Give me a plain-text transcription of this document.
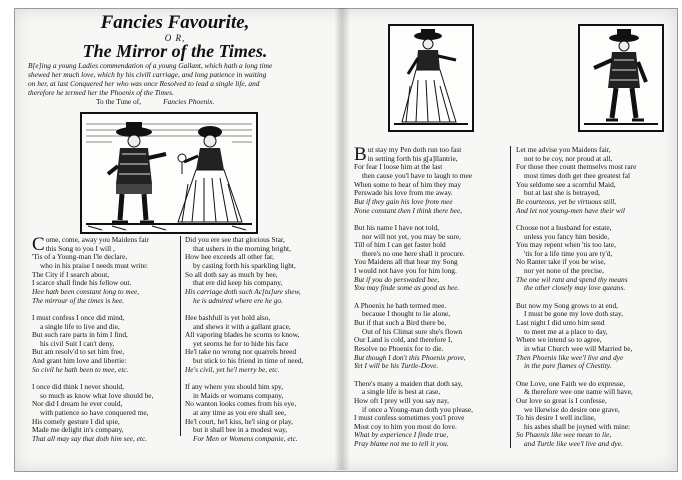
Fancies Favourite,
O R,
The Mirror of the Times.
B[e]ing a young Ladies commendation of a young Gallant, which hath a long time
shewed her much love, which by his civill carriage, and long patience in waiting
on her, at last Conquered her who was once Resolved to lead a single life, and
therefore he termed her the Phoenix of the Times.
To the Tune of,	Fancies Phoenix.
C ome, come, away you Maidens fair
this Song to you I will ,
'Tis of a Young-man I'le declare,
who in his praise I needs must write:
The City if I search about,
I scarce shall finde his fellow out.
Hee hath been constant long to mee,
The mirrour of the times is hee.
I must confess I once did mind,
a single life to live and die,
But such rare parts in him I find,
his civil Suit I can't deny,
But am resolv'd to set him free,
And grant him love and libertie:
So civil he hath been to mee, etc.
I once did think I never should,
so much as know what love should be,
Nor did I dream he ever could,
with patience so have conquered me,
His comely gesture I did spie,
Made me delight in's company,
That all may say that doth him see, etc.
Did you ere see that glorious Star,
that ushers in the morning bright,
How hee exceeds all other far,
by casting forth his sparkling light,
So all doth say as much by hee,
that ere did keep his company,
His carriage doth such Ac[tu]ure shew,
he is admired where ere he go.
Hee bashfull is yet hold also,
and shews it with a gallant grace,
All vaporing blades he scorns to know,
yet seorns he for to hide his face
He'l take no wrong nor quarrels breed
but stick to his friend in time of need,
He's civil, yet he'l merry be, etc.
If any where you should him spy,
in Maids or womans company,
No wanton looks comes from his eye,
at any time as you ere shall see,
He'l court, he'l kiss, he'l sing or play,
but it shall bee in a modest way,
For Men or Womens companie, etc.
B ut stay my Pen doth run too fast
in setting forth his g[a]llantrie,
For fear I loose him at the last
then cause you'l have to laugh to mee
When some to hear of him they may
Perswade his love from me away.
But if they gain his love from mee
None constant then I think there bee,
But his name I have not told,
nor will not yet, you may be sure,
Till of him I can get faster hold
there's no one here shall it procure.
You Maidens all that hear my Song
I would not have you for him long.
But if you do perswaded bee,
You may finde some as good as hee.
A Phoenix he hath termed mee.
because I thought to lie alone,
But if that such a Bird there be,
Out of his Climat sure she's flown
Our Land is cold, and therefore I,
Resolve no Phoenix for to die.
But though I don't this Phoenix prove,
Yet I will be his Turtle-Dove.
There's many a maiden that doth say,
a single life is best at case,
How oft I prey will you say nay,
if once a Young-man doth you please,
I must confess sometimes you'l prove
Most coy to him you most do love.
What by experience I finde true,
Pray blame not me to tell it you.
Let me advise you Maidens fair,
not to be coy, nor proud at all,
For those thee count themselvs most rare
most times doth get thee greatest fal
You seldome see a scornful Maid,
but at last she is betrayed,
Be courteous, yet be virtuous still,
And let not young-men have their wil
Choose not a husband for estate,
unless you fancy him beside,
You may repent when 'tis too late,
'tis for a life time you are ty'd,
No Ranter take if you be wise,
nor yet none of the precise,
The one wil rant and spend thy means
the other closely may love queans.
But now my Song grows to at end,
I must be gone my love doth stay,
Last night I did unto him send
to meet me at a place to day,
Where we intend so to agree,
in what Church wee will Married be,
Then Phoenix like wee'l live and dye
in the pure flames of Chestity.
One Love, one Faith we do expresse,
& therefore wee one name will have,
Our love so great is I confesse,
we likewise do desire one grave,
To his desire I well incline,
his ashes shall be joyned with mine:
So Phaenix like wee mean to lie,
and Turtle like wee'l live and dye.
